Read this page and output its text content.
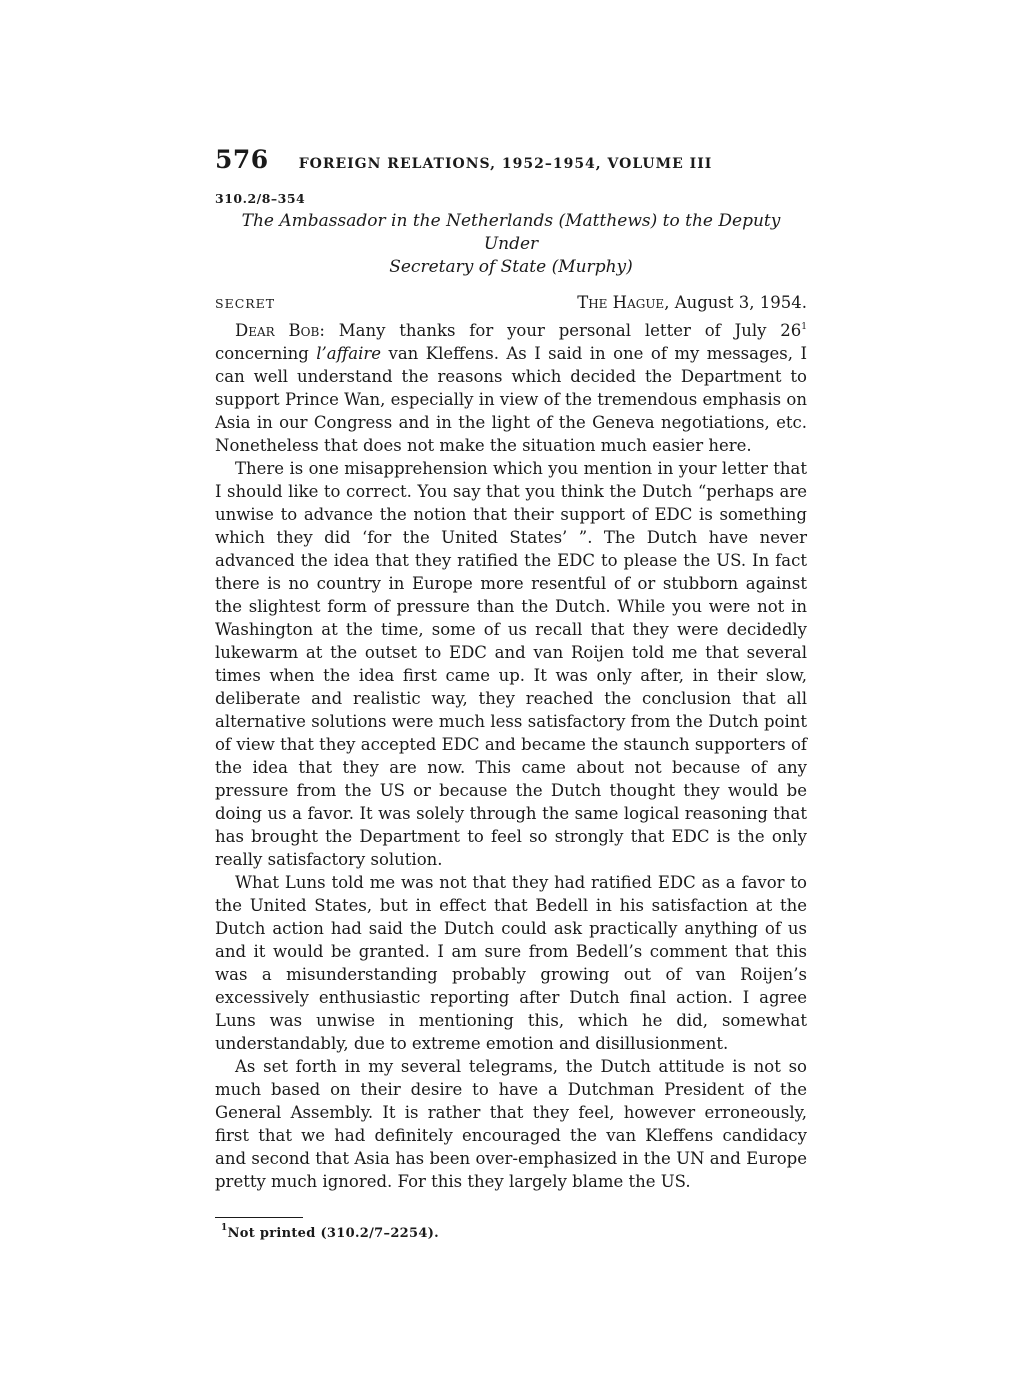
576 FOREIGN RELATIONS, 1952–1954, VOLUME III
310.2/8–354
The Ambassador in the Netherlands (Matthews) to the Deputy Under
Secretary of State (Murphy)
SECRET	The Hague, August 3, 1954.

Dear Bob: Many thanks for your personal letter of July $26^1$ concerning l’affaire van Kleffens. As I said in one of my messages, I can well understand the reasons which decided the Department to support Prince Wan, especially in view of the tremendous emphasis on Asia in our Congress and in the light of the Geneva negotiations, etc. Nonetheless that does not make the situation much easier here.

There is one misapprehension which you mention in your letter that I should like to correct. You say that you think the Dutch “perhaps are unwise to advance the notion that their support of EDC is something which they did ‘for the United States’ ”. The Dutch have never advanced the idea that they ratified the EDC to please the US. In fact there is no country in Europe more resentful of or stubborn against the slightest form of pressure than the Dutch. While you were not in Washington at the time, some of us recall that they were decidedly lukewarm at the outset to EDC and van Roijen told me that several times when the idea first came up. It was only after, in their slow, deliberate and realistic way, they reached the conclusion that all alternative solutions were much less satisfactory from the Dutch point of view that they accepted EDC and became the staunch supporters of the idea that they are now. This came about not because of any pressure from the US or because the Dutch thought they would be doing us a favor. It was solely through the same logical reasoning that has brought the Department to feel so strongly that EDC is the only really satisfactory solution.

What Luns told me was not that they had ratified EDC as a favor to the United States, but in effect that Bedell in his satisfaction at the Dutch action had said the Dutch could ask practically anything of us and it would be granted. I am sure from Bedell’s comment that this was a misunderstanding probably growing out of van Roijen’s excessively enthusiastic reporting after Dutch final action. I agree Luns was unwise in mentioning this, which he did, somewhat understandably, due to extreme emotion and disillusionment.

As set forth in my several telegrams, the Dutch attitude is not so much based on their desire to have a Dutchman President of the General Assembly. It is rather that they feel, however erroneously, first that we had definitely encouraged the van Kleffens candidacy and second that Asia has been over-emphasized in the UN and Europe pretty much ignored. For this they largely blame the US.

$^1$Not printed (310.2/7–2254).
